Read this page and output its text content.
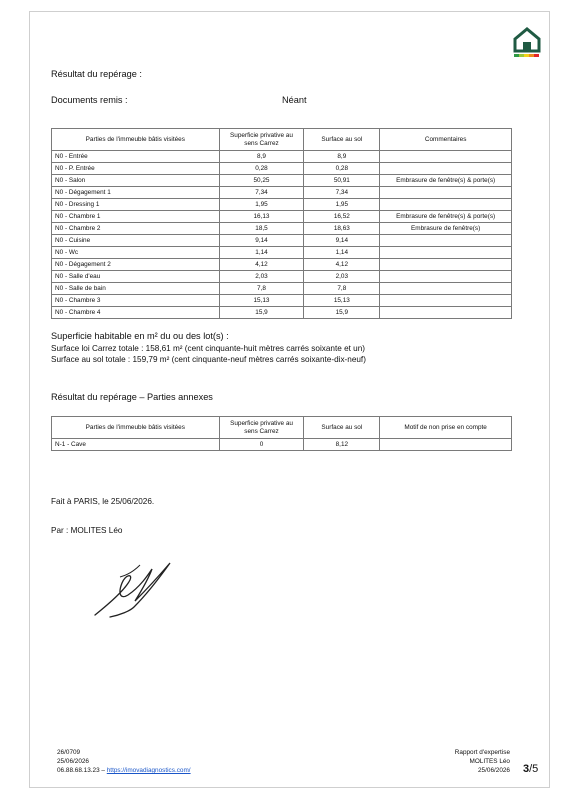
Résultat du repérage :
Documents remis :	Néant
Parties de l'immeuble bâtis visitées	Superficie privative au sens Carrez	Surface au sol	Commentaires
N0 - Entrée	8,9	8,9	
N0 - P. Entrée	0,28	0,28	
N0 - Salon	50,25	50,91	Embrasure de fenêtre(s) & porte(s)
N0 - Dégagement 1	7,34	7,34	
N0 - Dressing 1	1,95	1,95	
N0 - Chambre 1	16,13	16,52	Embrasure de fenêtre(s) & porte(s)
N0 - Chambre 2	18,5	18,63	Embrasure de fenêtre(s)
N0 - Cuisine	9,14	9,14	
N0 - Wc	1,14	1,14	
N0 - Dégagement 2	4,12	4,12	
N0 - Salle d'eau	2,03	2,03	
N0 - Salle de bain	7,8	7,8	
N0 - Chambre 3	15,13	15,13	
N0 - Chambre 4	15,9	15,9	
Superficie habitable en m² du ou des lot(s) :
Surface loi Carrez totale : 158,61 m² (cent cinquante-huit mètres carrés soixante et un)
Surface au sol totale : 159,79 m² (cent cinquante-neuf mètres carrés soixante-dix-neuf)
Résultat du repérage – Parties annexes
Parties de l'immeuble bâtis visitées	Superficie privative au sens Carrez	Surface au sol	Motif de non prise en compte
N-1 - Cave	0	8,12	
Fait à PARIS, le 25/06/2026.
Par : MOLITES Léo
26/0709
25/06/2026
06.88.68.13.23 – https://imovadiagnostics.com/
Rapport d'expertise
MOLITES Léo
25/06/2026 3/5
